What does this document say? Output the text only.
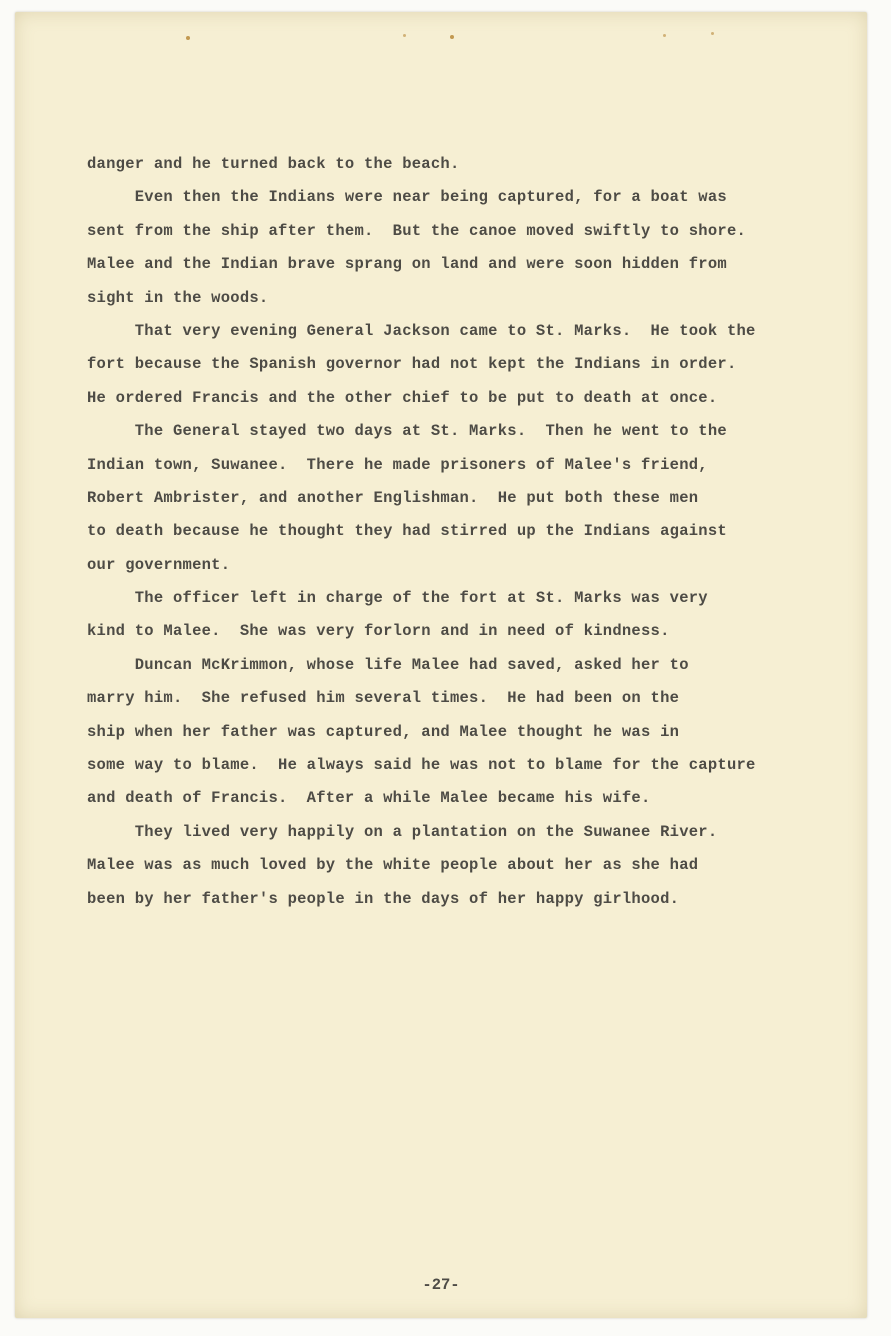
-27-
danger and he turned back to the beach.
Even then the Indians were near being captured, for a boat was
sent from the ship after them.  But the canoe moved swiftly to shore.
Malee and the Indian brave sprang on land and were soon hidden from
sight in the woods.
That very evening General Jackson came to St. Marks.  He took the
fort because the Spanish governor had not kept the Indians in order.
He ordered Francis and the other chief to be put to death at once.
The General stayed two days at St. Marks.  Then he went to the
Indian town, Suwanee.  There he made prisoners of Malee's friend,
Robert Ambrister, and another Englishman.  He put both these men
to death because he thought they had stirred up the Indians against
our government.
The officer left in charge of the fort at St. Marks was very
kind to Malee.  She was very forlorn and in need of kindness.
Duncan McKrimmon, whose life Malee had saved, asked her to
marry him.  She refused him several times.  He had been on the
ship when her father was captured, and Malee thought he was in
some way to blame.  He always said he was not to blame for the capture
and death of Francis.  After a while Malee became his wife.
They lived very happily on a plantation on the Suwanee River.
Malee was as much loved by the white people about her as she had
been by her father's people in the days of her happy girlhood.
